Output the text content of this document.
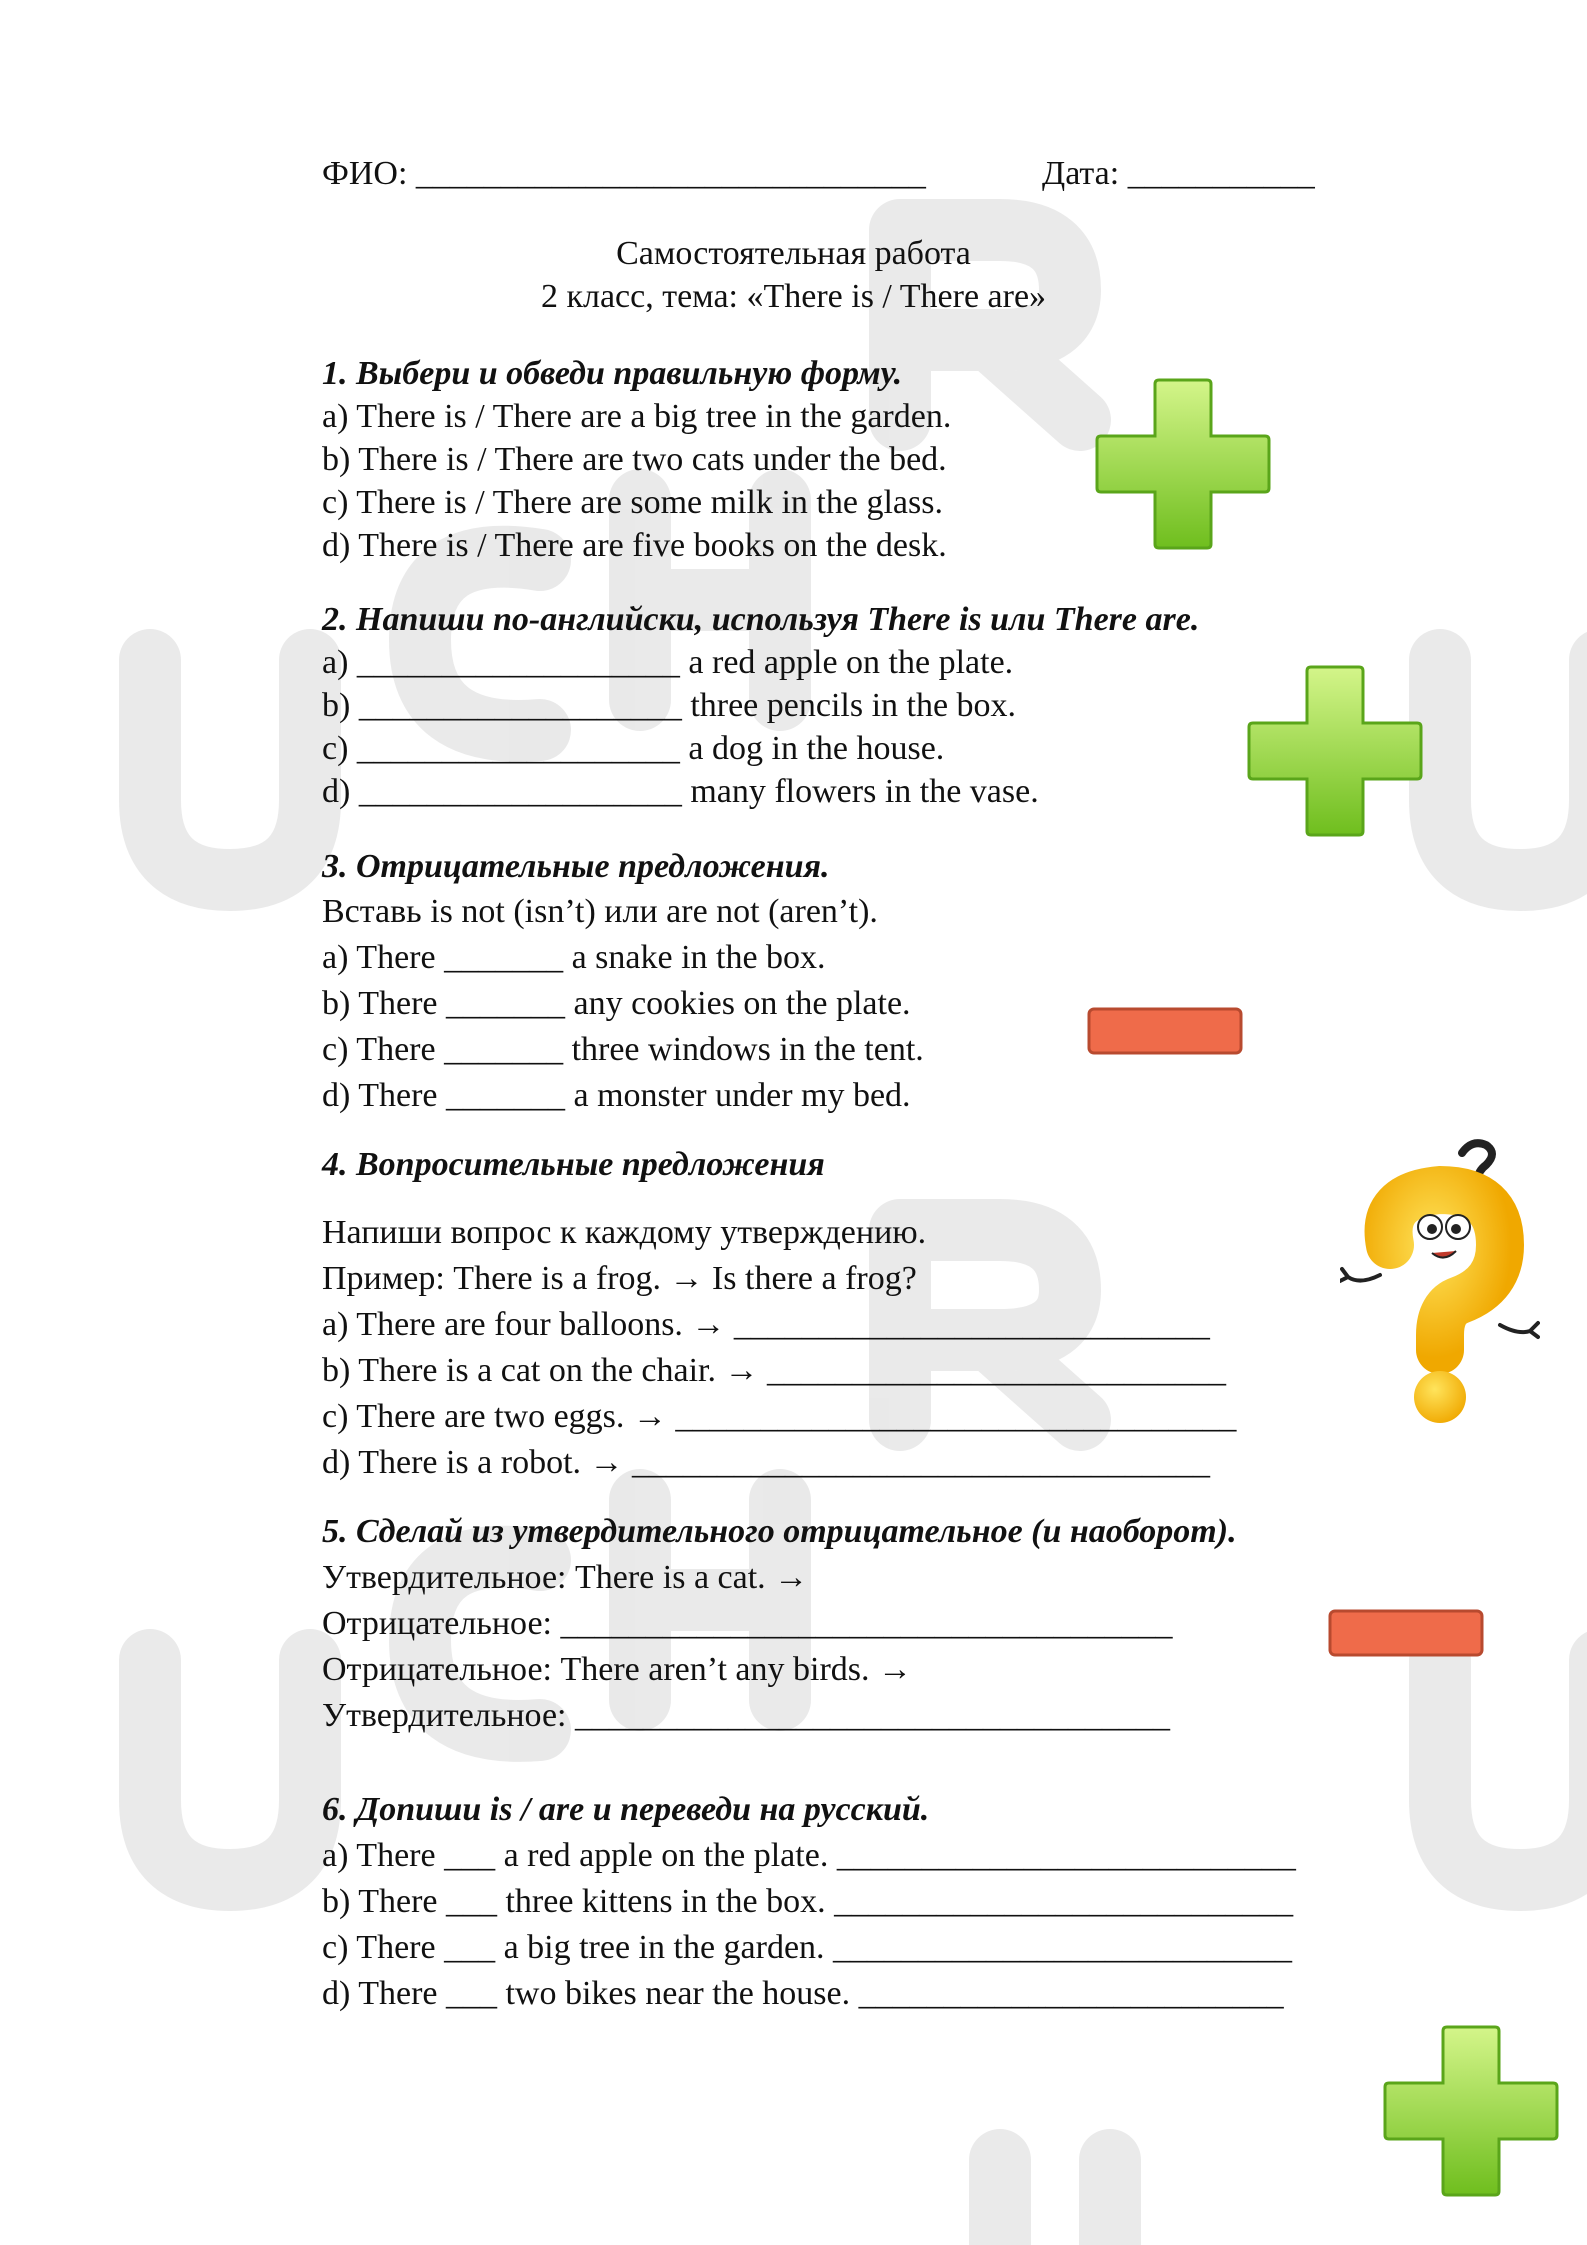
ФИО: ______________________________	Дата: ___________
Самостоятельная работа
2 класс, тема: «There is / There are»
1. Выбери и обведи правильную форму.
a) There is / There are a big tree in the garden.
b) There is / There are two cats under the bed.
c) There is / There are some milk in the glass.
d) There is / There are five books on the desk.
2. Напиши по-английски, используя There is или There are.
a) ___________________ a red apple on the plate.
b) ___________________ three pencils in the box.
c) ___________________ a dog in the house.
d) ___________________ many flowers in the vase.
3. Отрицательные предложения.
Вставь is not (isn’t) или are not (aren’t).
a) There _______ a snake in the box.
b) There _______ any cookies on the plate.
c) There _______ three windows in the tent.
d) There _______ a monster under my bed.
4. Вопросительные предложения
Напиши вопрос к каждому утверждению.
Пример: There is a frog. → Is there a frog?
a) There are four balloons. → ____________________________
b) There is a cat on the chair. → ___________________________
c) There are two eggs. → _________________________________
d) There is a robot. → __________________________________
5. Сделай из утвердительного отрицательное (и наоборот).
Утвердительное: There is a cat. →
Отрицательное: ____________________________________
Отрицательное: There aren’t any birds. →
Утвердительное: ___________________________________
6. Допиши is / are и переведи на русский.
a) There ___ a red apple on the plate. ___________________________
b) There ___ three kittens in the box. ___________________________
c) There ___ a big tree in the garden. ___________________________
d) There ___ two bikes near the house. _________________________
